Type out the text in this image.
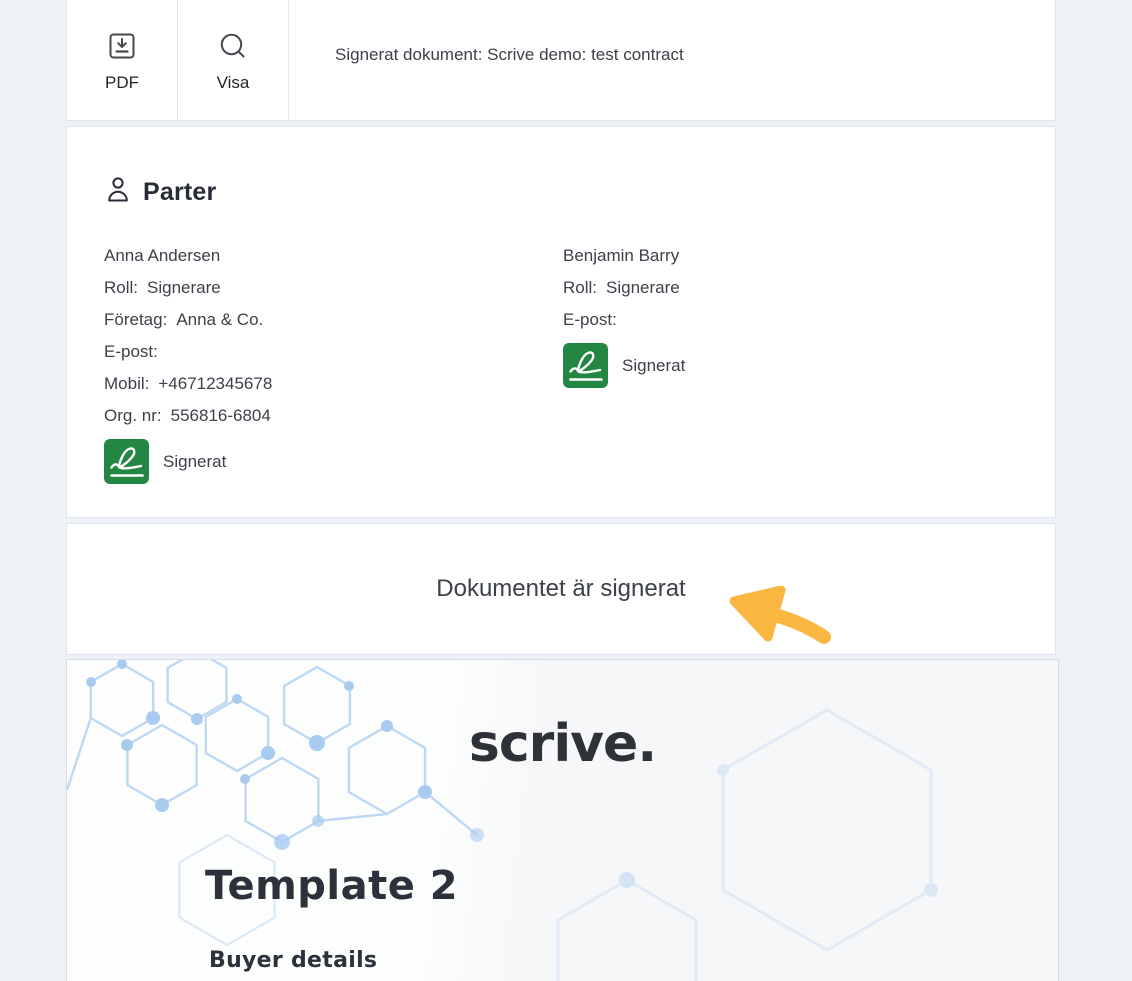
PDF	Visa
Signerat dokument: Scrive demo: test contract
Parter
Anna Andersen
Roll: Signerare
Företag: Anna & Co.
E-post:
Mobil: +46712345678
Org. nr: 556816-6804
Signerat
Benjamin Barry
Roll: Signerare
E-post:
Signerat
Dokumentet är signerat
scrive.
Template 2
Buyer details
